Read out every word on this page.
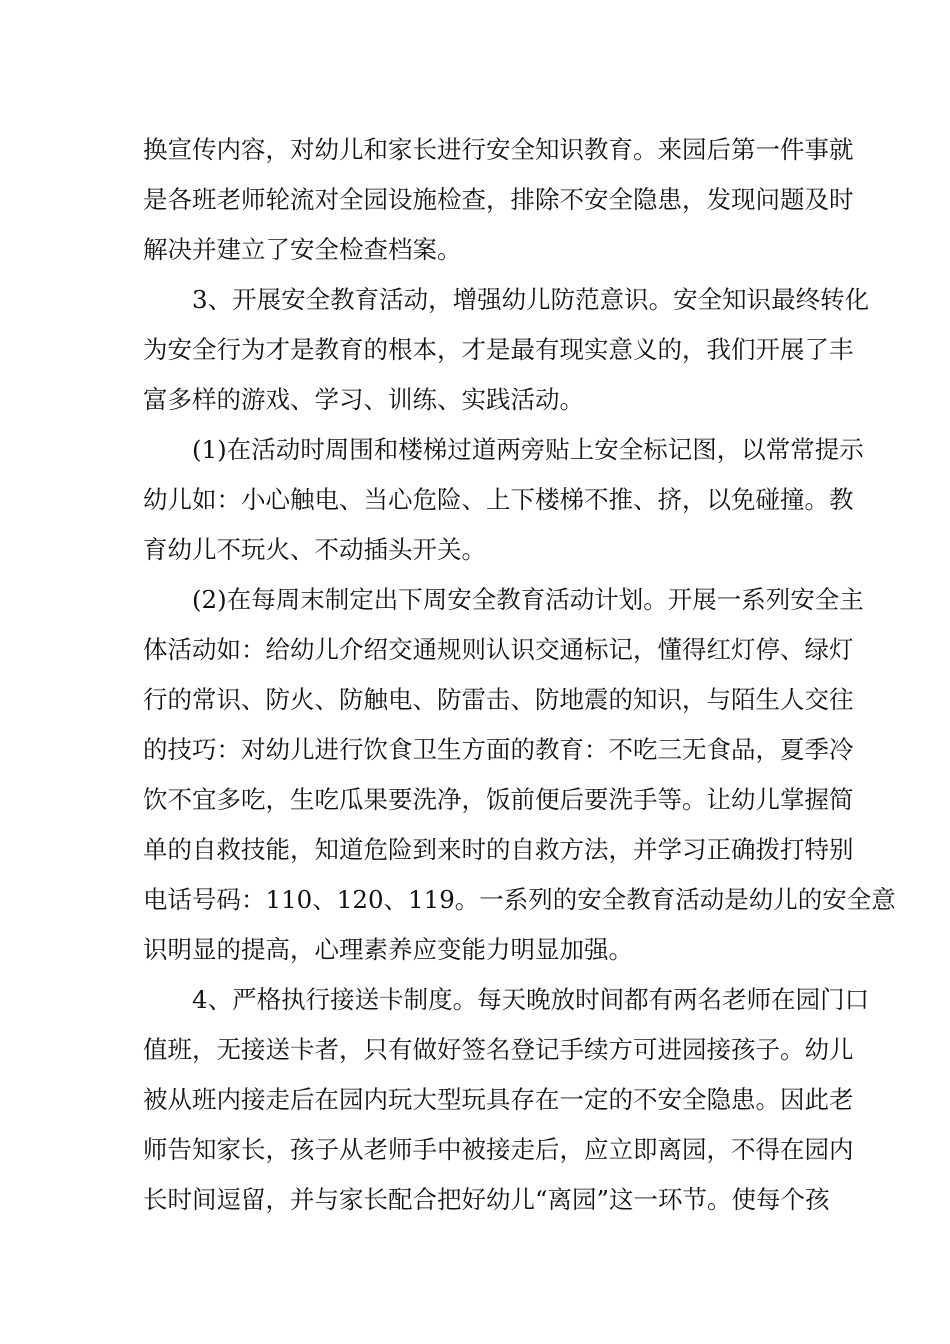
换宣传内容，对幼儿和家长进行安全知识教育。来园后第一件事就
是各班老师轮流对全园设施检查，排除不安全隐患，发现问题及时
解决并建立了安全检查档案。
3、开展安全教育活动，增强幼儿防范意识。安全知识最终转化
为安全行为才是教育的根本，才是最有现实意义的，我们开展了丰
富多样的游戏、学习、训练、实践活动。
(1)在活动时周围和楼梯过道两旁贴上安全标记图，以常常提示
幼儿如：小心触电、当心危险、上下楼梯不推、挤，以免碰撞。教
育幼儿不玩火、不动插头开关。
(2)在每周末制定出下周安全教育活动计划。开展一系列安全主
体活动如：给幼儿介绍交通规则认识交通标记，懂得红灯停、绿灯
行的常识、防火、防触电、防雷击、防地震的知识，与陌生人交往
的技巧：对幼儿进行饮食卫生方面的教育：不吃三无食品，夏季冷
饮不宜多吃，生吃瓜果要洗净，饭前便后要洗手等。让幼儿掌握简
单的自救技能，知道危险到来时的自救方法，并学习正确拨打特别
电话号码：110、120、119。一系列的安全教育活动是幼儿的安全意
识明显的提高，心理素养应变能力明显加强。
4、严格执行接送卡制度。每天晚放时间都有两名老师在园门口
值班，无接送卡者，只有做好签名登记手续方可进园接孩子。幼儿
被从班内接走后在园内玩大型玩具存在一定的不安全隐患。因此老
师告知家长，孩子从老师手中被接走后，应立即离园，不得在园内
长时间逗留，并与家长配合把好幼儿“离园”这一环节。使每个孩
